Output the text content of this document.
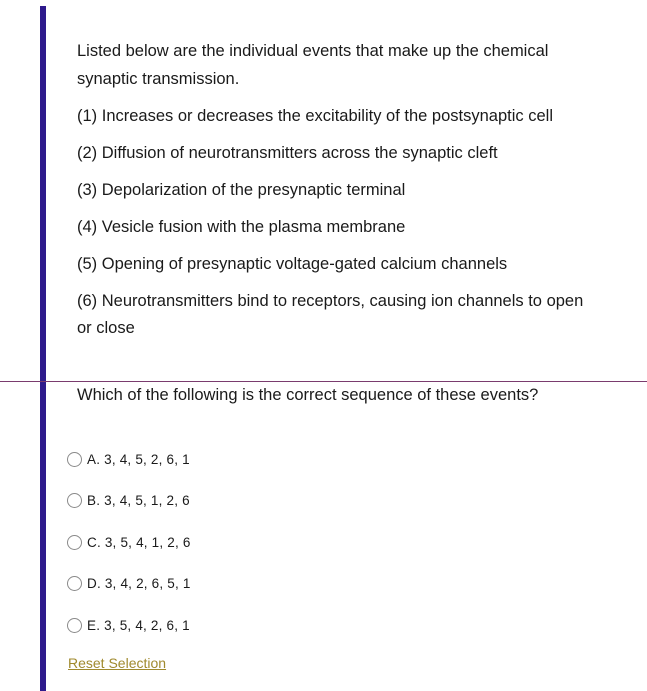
Listed below are the individual events that make up the chemical synaptic transmission.

(1) Increases or decreases the excitability of the postsynaptic cell

(2) Diffusion of neurotransmitters across the synaptic cleft

(3) Depolarization of the presynaptic terminal

(4) Vesicle fusion with the plasma membrane

(5) Opening of presynaptic voltage-gated calcium channels

(6) Neurotransmitters bind to receptors, causing ion channels to open or close

Which of the following is the correct sequence of these events?
A. 3, 4, 5, 2, 6, 1
B. 3, 4, 5, 1, 2, 6
C. 3, 5, 4, 1, 2, 6
D. 3, 4, 2, 6, 5, 1
E. 3, 5, 4, 2, 6, 1
Reset Selection
